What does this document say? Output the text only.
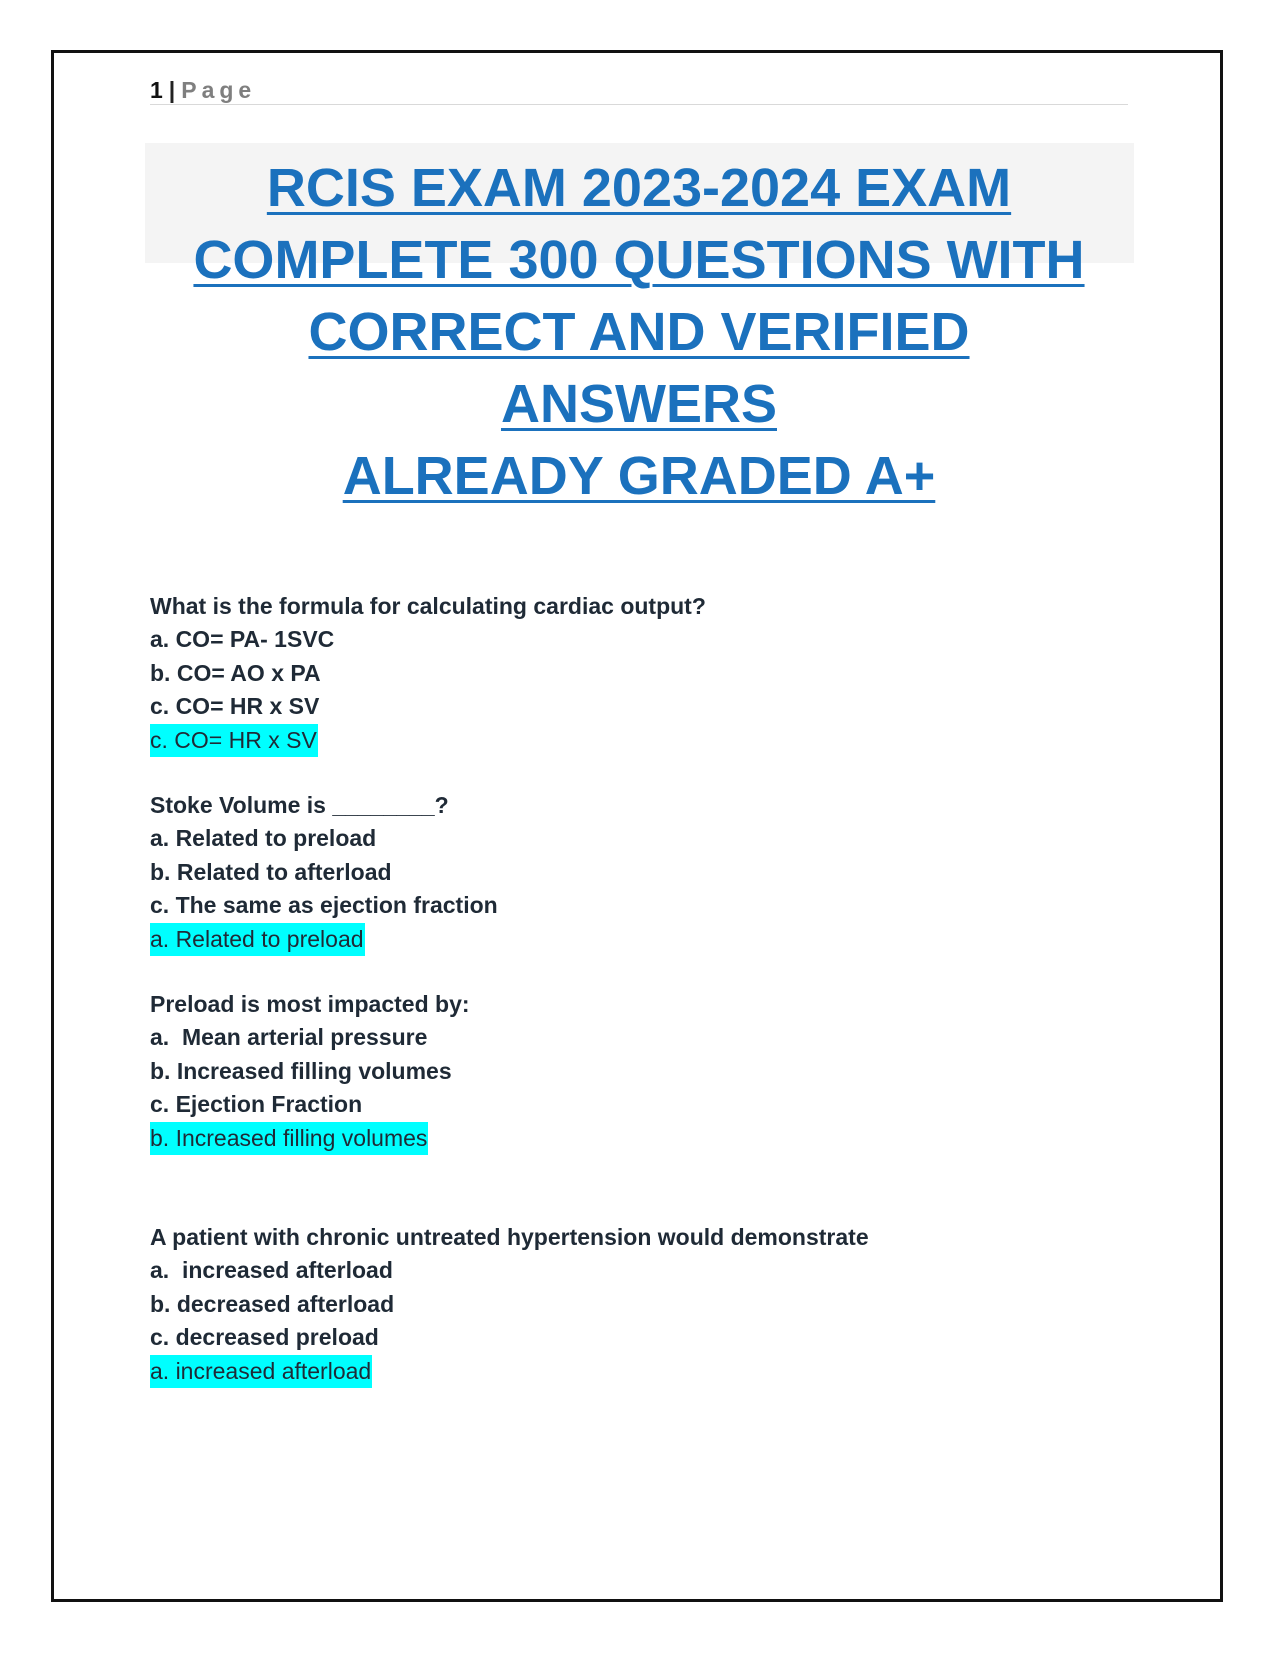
1 | Page
RCIS EXAM 2023-2024 EXAM
COMPLETE 300 QUESTIONS WITH
CORRECT AND VERIFIED
ANSWERS
ALREADY GRADED A+
What is the formula for calculating cardiac output?
a. CO= PA- 1SVC
b. CO= AO x PA
c. CO= HR x SV
c. CO= HR x SV
Stoke Volume is ________?
a. Related to preload
b. Related to afterload
c. The same as ejection fraction
a. Related to preload
Preload is most impacted by:
a.  Mean arterial pressure
b. Increased filling volumes
c. Ejection Fraction
b. Increased filling volumes
A patient with chronic untreated hypertension would demonstrate
a.  increased afterload
b. decreased afterload
c. decreased preload
a. increased afterload
